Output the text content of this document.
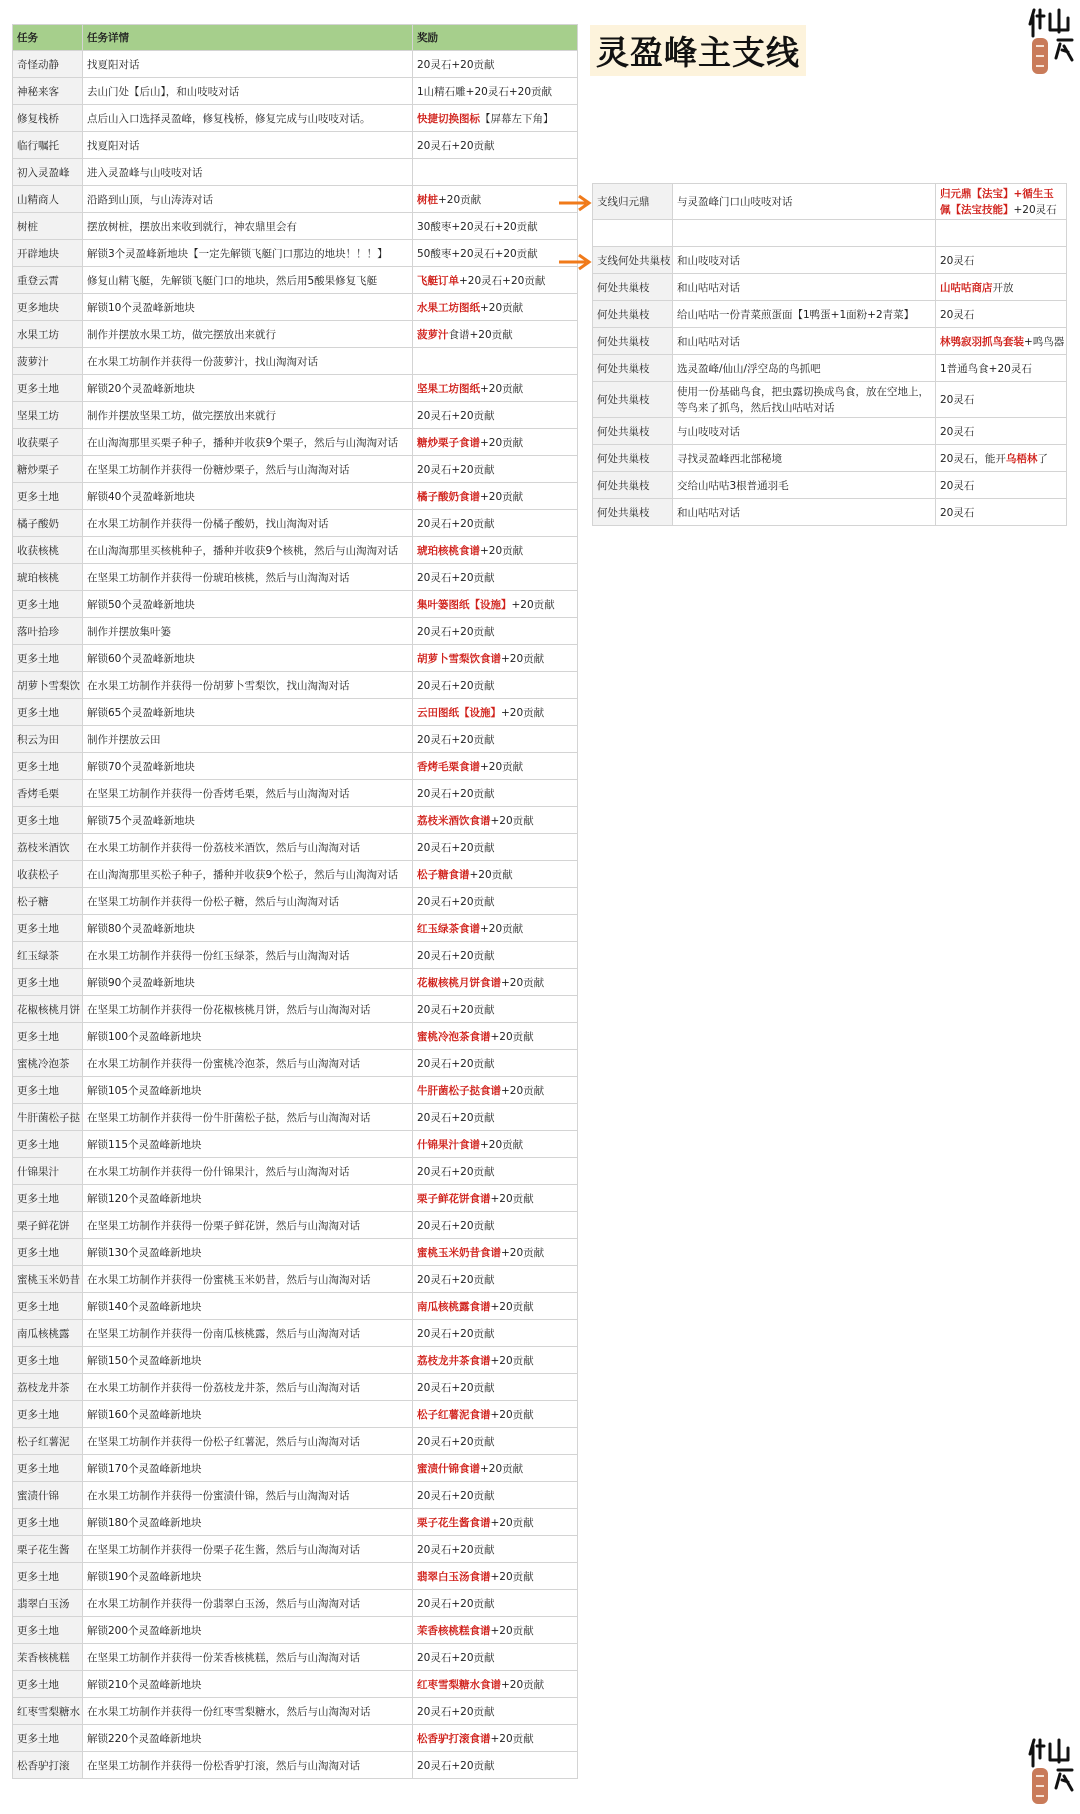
灵盈峰主支线
任务	任务详情	奖励
奇怪动静	找夏阳对话	20灵石+20贡献
神秘来客	去山门处【后山】，和山吱吱对话	1山精石雕+20灵石+20贡献
修复栈桥	点后山入口选择灵盈峰，修复栈桥，修复完成与山吱吱对话。	快捷切换图标【屏幕左下角】
临行嘱托	找夏阳对话	20灵石+20贡献
初入灵盈峰	进入灵盈峰与山吱吱对话	
山精商人	沿路到山顶，与山涛涛对话	树桩+20贡献
树桩	摆放树桩，摆放出来收到就行，神农鼎里会有	30酸枣+20灵石+20贡献
开辟地块	解锁3个灵盈峰新地块【一定先解锁飞艇门口那边的地块！！！】	50酸枣+20灵石+20贡献
重登云霄	修复山精飞艇，先解锁飞艇门口的地块，然后用5酸果修复飞艇	飞艇订单+20灵石+20贡献
更多地块	解锁10个灵盈峰新地块	水果工坊图纸+20贡献
水果工坊	制作并摆放水果工坊，做完摆放出来就行	菠萝汁食谱+20贡献
菠萝汁	在水果工坊制作并获得一份菠萝汁，找山淘淘对话	
更多土地	解锁20个灵盈峰新地块	坚果工坊图纸+20贡献
坚果工坊	制作并摆放坚果工坊，做完摆放出来就行	20灵石+20贡献
收获栗子	在山淘淘那里买栗子种子，播种并收获9个栗子，然后与山淘淘对话	糖炒栗子食谱+20贡献
糖炒栗子	在坚果工坊制作并获得一份糖炒栗子，然后与山淘淘对话	20灵石+20贡献
更多土地	解锁40个灵盈峰新地块	橘子酸奶食谱+20贡献
橘子酸奶	在水果工坊制作并获得一份橘子酸奶，找山淘淘对话	20灵石+20贡献
收获核桃	在山淘淘那里买核桃种子，播种并收获9个核桃，然后与山淘淘对话	琥珀核桃食谱+20贡献
琥珀核桃	在坚果工坊制作并获得一份琥珀核桃，然后与山淘淘对话	20灵石+20贡献
更多土地	解锁50个灵盈峰新地块	集叶篓图纸【设施】+20贡献
落叶拾珍	制作并摆放集叶篓	20灵石+20贡献
更多土地	解锁60个灵盈峰新地块	胡萝卜雪梨饮食谱+20贡献
胡萝卜雪梨饮	在水果工坊制作并获得一份胡萝卜雪梨饮，找山淘淘对话	20灵石+20贡献
更多土地	解锁65个灵盈峰新地块	云田图纸【设施】+20贡献
积云为田	制作并摆放云田	20灵石+20贡献
更多土地	解锁70个灵盈峰新地块	香烤毛栗食谱+20贡献
香烤毛栗	在坚果工坊制作并获得一份香烤毛栗，然后与山淘淘对话	20灵石+20贡献
更多土地	解锁75个灵盈峰新地块	荔枝米酒饮食谱+20贡献
荔枝米酒饮	在水果工坊制作并获得一份荔枝米酒饮，然后与山淘淘对话	20灵石+20贡献
收获松子	在山淘淘那里买松子种子，播种并收获9个松子，然后与山淘淘对话	松子糖食谱+20贡献
松子糖	在坚果工坊制作并获得一份松子糖，然后与山淘淘对话	20灵石+20贡献
更多土地	解锁80个灵盈峰新地块	红玉绿茶食谱+20贡献
红玉绿茶	在水果工坊制作并获得一份红玉绿茶，然后与山淘淘对话	20灵石+20贡献
更多土地	解锁90个灵盈峰新地块	花椒核桃月饼食谱+20贡献
花椒核桃月饼	在坚果工坊制作并获得一份花椒核桃月饼，然后与山淘淘对话	20灵石+20贡献
更多土地	解锁100个灵盈峰新地块	蜜桃冷泡茶食谱+20贡献
蜜桃冷泡茶	在水果工坊制作并获得一份蜜桃冷泡茶，然后与山淘淘对话	20灵石+20贡献
更多土地	解锁105个灵盈峰新地块	牛肝菌松子挞食谱+20贡献
牛肝菌松子挞	在坚果工坊制作并获得一份牛肝菌松子挞，然后与山淘淘对话	20灵石+20贡献
更多土地	解锁115个灵盈峰新地块	什锦果汁食谱+20贡献
什锦果汁	在水果工坊制作并获得一份什锦果汁，然后与山淘淘对话	20灵石+20贡献
更多土地	解锁120个灵盈峰新地块	栗子鲜花饼食谱+20贡献
栗子鲜花饼	在坚果工坊制作并获得一份栗子鲜花饼，然后与山淘淘对话	20灵石+20贡献
更多土地	解锁130个灵盈峰新地块	蜜桃玉米奶昔食谱+20贡献
蜜桃玉米奶昔	在水果工坊制作并获得一份蜜桃玉米奶昔，然后与山淘淘对话	20灵石+20贡献
更多土地	解锁140个灵盈峰新地块	南瓜核桃露食谱+20贡献
南瓜核桃露	在坚果工坊制作并获得一份南瓜核桃露，然后与山淘淘对话	20灵石+20贡献
更多土地	解锁150个灵盈峰新地块	荔枝龙井茶食谱+20贡献
荔枝龙井茶	在水果工坊制作并获得一份荔枝龙井茶，然后与山淘淘对话	20灵石+20贡献
更多土地	解锁160个灵盈峰新地块	松子红薯泥食谱+20贡献
松子红薯泥	在坚果工坊制作并获得一份松子红薯泥，然后与山淘淘对话	20灵石+20贡献
更多土地	解锁170个灵盈峰新地块	蜜渍什锦食谱+20贡献
蜜渍什锦	在水果工坊制作并获得一份蜜渍什锦，然后与山淘淘对话	20灵石+20贡献
更多土地	解锁180个灵盈峰新地块	栗子花生酱食谱+20贡献
栗子花生酱	在坚果工坊制作并获得一份栗子花生酱，然后与山淘淘对话	20灵石+20贡献
更多土地	解锁190个灵盈峰新地块	翡翠白玉汤食谱+20贡献
翡翠白玉汤	在水果工坊制作并获得一份翡翠白玉汤，然后与山淘淘对话	20灵石+20贡献
更多土地	解锁200个灵盈峰新地块	茉香核桃糕食谱+20贡献
茉香核桃糕	在坚果工坊制作并获得一份茉香核桃糕，然后与山淘淘对话	20灵石+20贡献
更多土地	解锁210个灵盈峰新地块	红枣雪梨糖水食谱+20贡献
红枣雪梨糖水	在水果工坊制作并获得一份红枣雪梨糖水，然后与山淘淘对话	20灵石+20贡献
更多土地	解锁220个灵盈峰新地块	松香驴打滚食谱+20贡献
松香驴打滚	在坚果工坊制作并获得一份松香驴打滚，然后与山淘淘对话	20灵石+20贡献
支线归元鼎	与灵盈峰门口山吱吱对话	归元鼎【法宝】+循生玉佩【法宝技能】+20灵石

支线何处共巢枝	和山吱吱对话	20灵石
何处共巢枝	和山咕咕对话	山咕咕商店开放
何处共巢枝	给山咕咕一份青菜煎蛋面【1鸭蛋+1面粉+2青菜】	20灵石
何处共巢枝	和山咕咕对话	林鸮寂羽抓鸟套装+鸣鸟器
何处共巢枝	选灵盈峰/仙山/浮空岛的鸟抓吧	1普通鸟食+20灵石
何处共巢枝	使用一份基础鸟食，把虫露切换成鸟食，放在空地上，等鸟来了抓鸟，然后找山咕咕对话	20灵石
何处共巢枝	与山吱吱对话	20灵石
何处共巢枝	寻找灵盈峰西北部秘境	20灵石，能开乌梧林了
何处共巢枝	交给山咕咕3根普通羽毛	20灵石
何处共巢枝	和山咕咕对话	20灵石
